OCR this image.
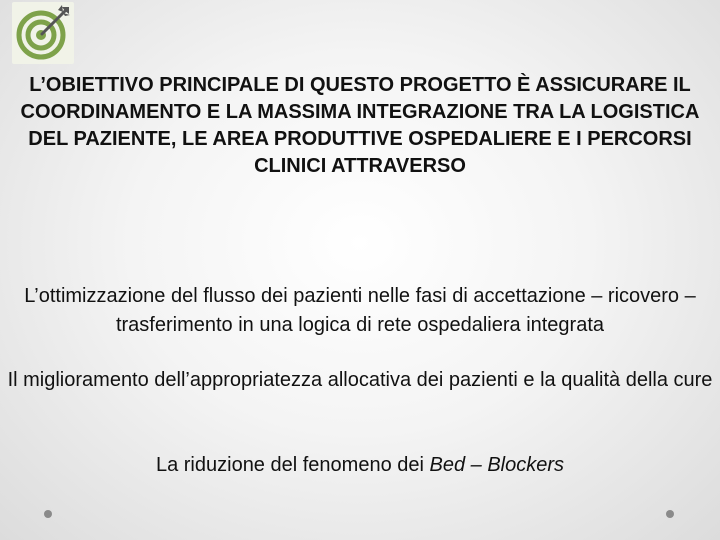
L’OBIETTIVO PRINCIPALE DI QUESTO PROGETTO È ASSICURARE IL COORDINAMENTO E LA MASSIMA INTEGRAZIONE TRA LA LOGISTICA DEL PAZIENTE, LE AREA PRODUTTIVE OSPEDALIERE E I PERCORSI CLINICI ATTRAVERSO

L’ottimizzazione del flusso dei pazienti nelle fasi di accettazione – ricovero – trasferimento in una logica di rete ospedaliera integrata

Il miglioramento dell’appropriatezza allocativa dei pazienti e la qualità della cure

La riduzione del fenomeno dei Bed – Blockers
